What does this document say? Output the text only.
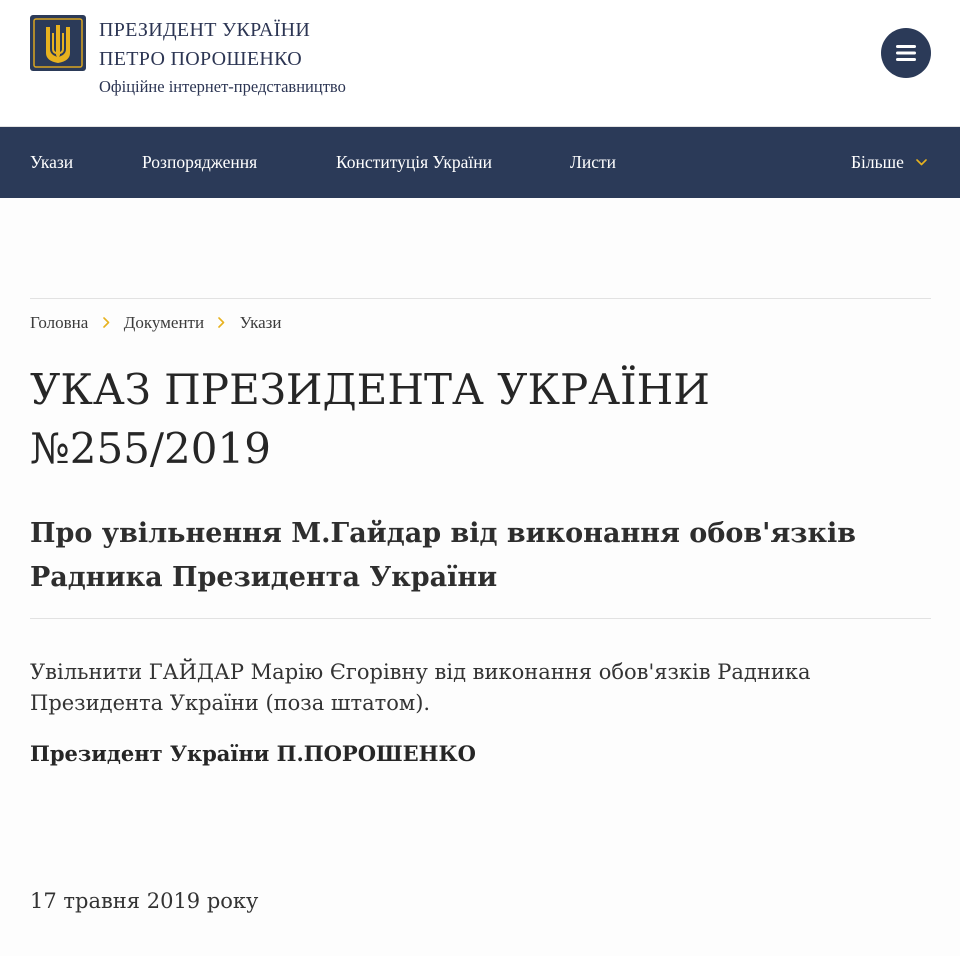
ПРЕЗИДЕНТ УКРАЇНИ
ПЕТРО ПОРОШЕНКО
Офіційне інтернет-представництво
Укази	Розпорядження	Конституція України	Листи	Більше
Головна Документи Укази
УКАЗ ПРЕЗИДЕНТА УКРАЇНИ
№255/2019
Про увільнення М.Гайдар від виконання обов'язків Радника Президента України

Увільнити ГАЙДАР Марію Єгорівну від виконання обов'язків Радника Президента України (поза штатом).

Президент України П.ПОРОШЕНКО

17 травня 2019 року
